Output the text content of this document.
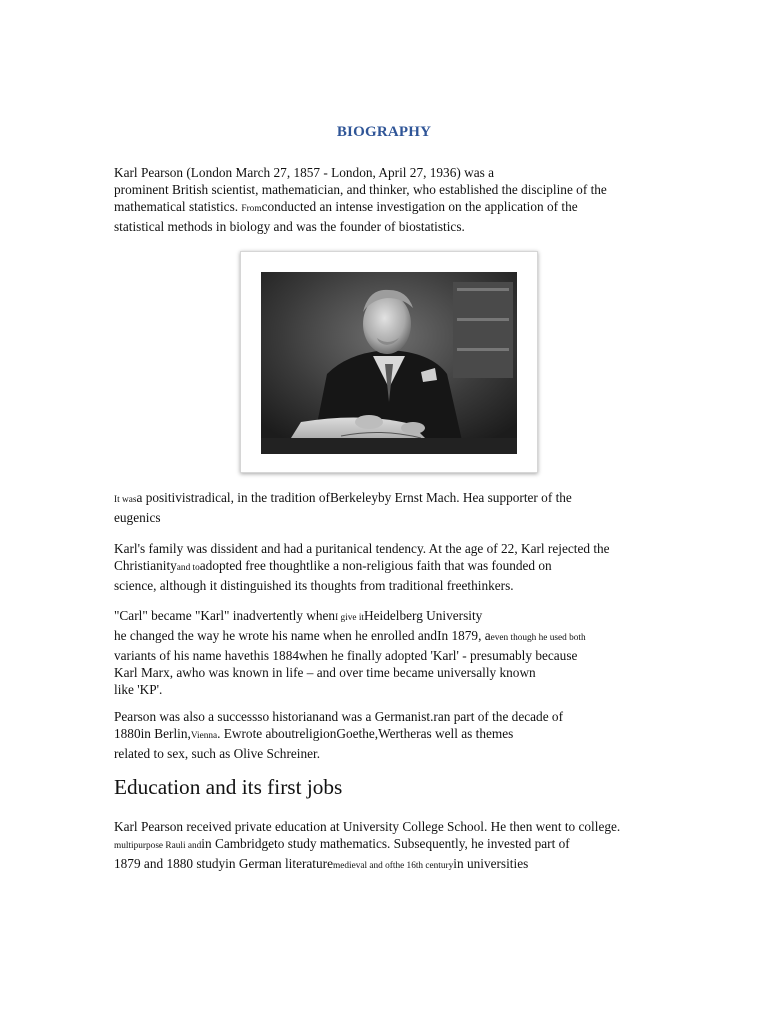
BIOGRAPHY
Karl Pearson (London March 27, 1857 - London, April 27, 1936) was a
prominent British scientist, mathematician, and thinker, who established the discipline of the
mathematical statistics. Fromconducted an intense investigation on the application of the
statistical methods in biology and was the founder of biostatistics.
It wasa positivistradical, in the tradition ofBerkeleyby Ernst Mach. Hea supporter of the
eugenics
Karl's family was dissident and had a puritanical tendency. At the age of 22, Karl rejected the
Christianityand toadopted free thoughtlike a non-religious faith that was founded on
science, although it distinguished its thoughts from traditional freethinkers.
"Carl" became "Karl" inadvertently whenI give itHeidelberg University
he changed the way he wrote his name when he enrolled andIn 1879, aeven though he used both
variants of his name havethis 1884when he finally adopted 'Karl' - presumably because
Karl Marx, awho was known in life – and over time became universally known
like 'KP'.
Pearson was also a successso historianand was a Germanist.ran part of the decade of
1880in Berlin,Vienna. Ewrote aboutreligionGoethe,Wertheras well as themes
related to sex, such as Olive Schreiner.
Education and its first jobs
Karl Pearson received private education at University College School. He then went to college.
multipurpose Rauli andin Cambridgeto study mathematics. Subsequently, he invested part of
1879 and 1880 studyin German literaturemedieval and ofthe 16th centuryin universities
